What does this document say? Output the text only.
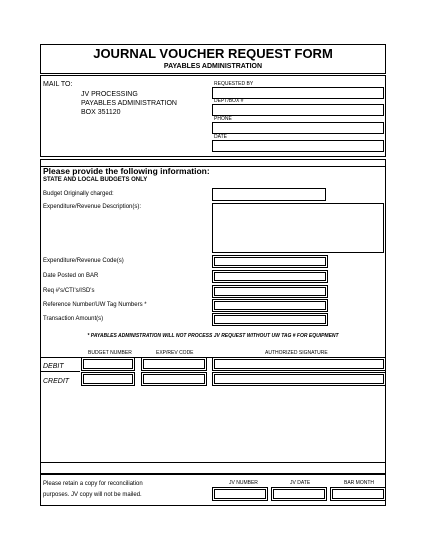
JOURNAL VOUCHER REQUEST FORM
PAYABLES ADMINISTRATION
MAIL TO:
JV PROCESSING
PAYABLES ADMINISTRATION
BOX 351120
REQUESTED BY
DEPT/BOX #
PHONE
DATE
Please provide the following information:
STATE AND LOCAL BUDGETS ONLY
Budget Originally charged:
Expenditure/Revenue Description(s):
Expenditure/Revenue Code(s)
Date Posted on BAR
Req #'s/CTI's/ISD's
Reference Number/UW Tag Numbers *
Transaction Amount(s)
* PAYABLES ADMINISTRATION WILL NOT PROCESS JV REQUEST WITHOUT UW TAG # FOR EQUIPMENT
BUDGET NUMBER	EXP/REV CODE	AUTHORIZED SIGNATURE
DEBIT
CREDIT
Please retain a copy for reconciliation
purposes. JV copy will not be mailed.
JV NUMBER	JV DATE	BAR MONTH
